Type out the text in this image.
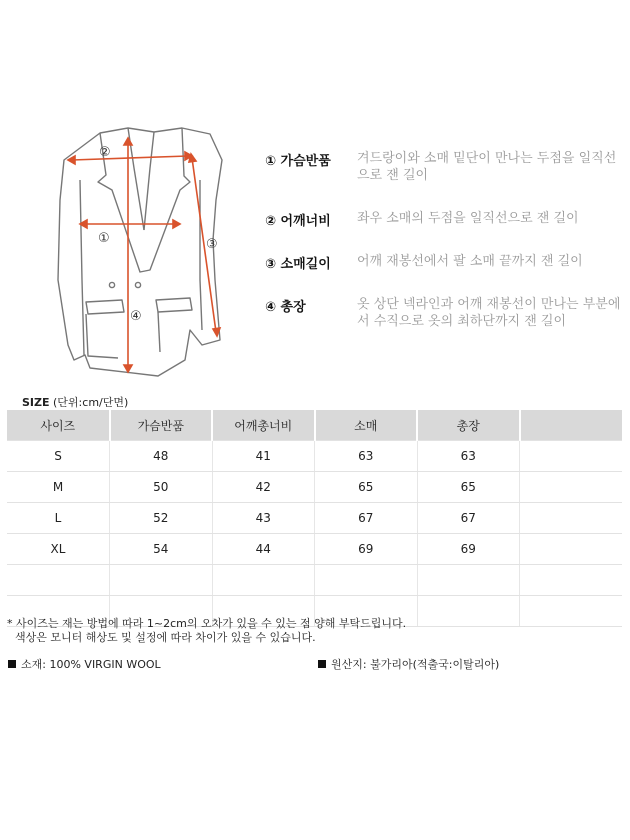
②
①	③
④
① 가슴반품	겨드랑이와 소매 밑단이 만나는 두점을 일직선으로 잰 길이
② 어깨너비	좌우 소매의 두점을 일직선으로 잰 길이
③ 소매길이	어깨 재봉선에서 팔 소매 끝까지 잰 길이
④ 총장	옷 상단 넥라인과 어깨 재봉선이 만나는 부분에서 수직으로 옷의 최하단까지 잰 길이
SIZE (단위:cm/단면)
사이즈	가슴반품	어깨총너비	소매	총장	
S	48	41	63	63	
M	50	42	65	65	
L	52	43	67	67	
XL	54	44	69	69	

* 사이즈는 재는 방법에 따라 1~2cm의 오차가 있을 수 있는 점 양해 부탁드립니다.
색상은 모니터 해상도 및 설정에 따라 차이가 있을 수 있습니다.
소재:
100% VIRGIN WOOL	원산지:
불가리아(적출국:이탈리아)
